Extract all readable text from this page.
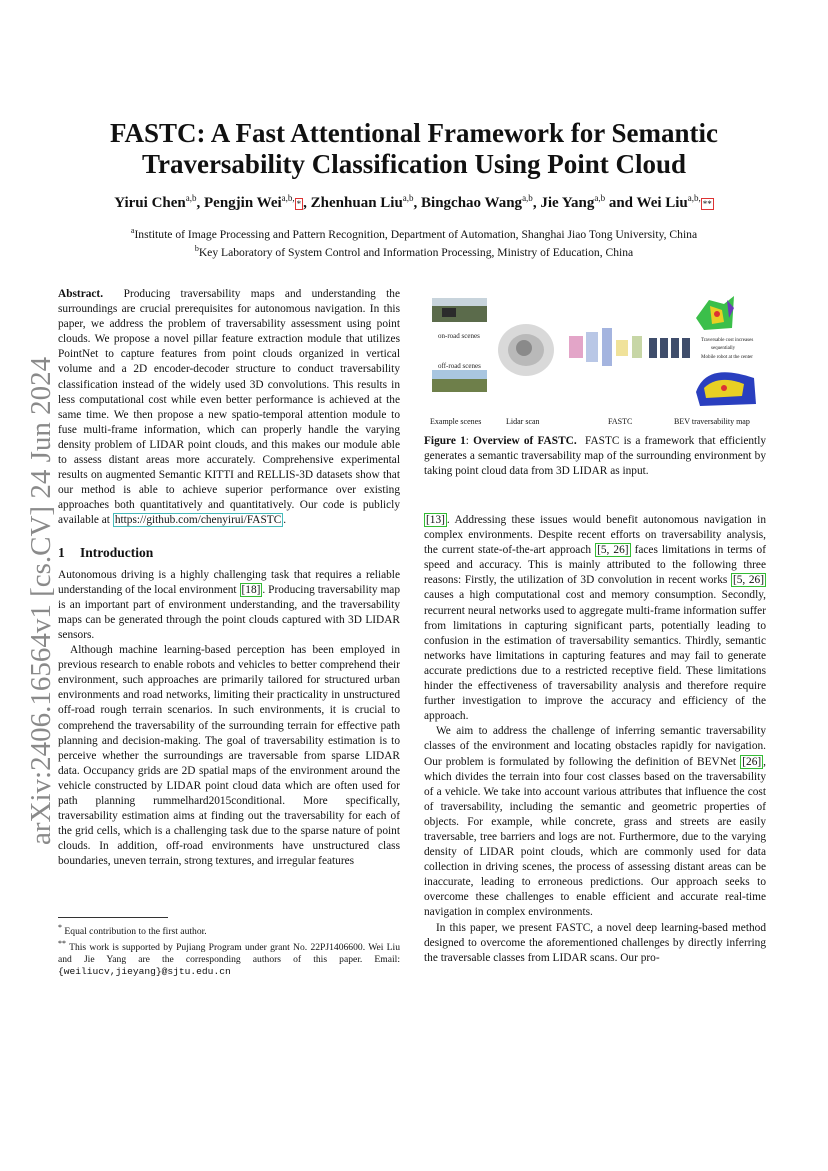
arXiv:2406.16564v1 [cs.CV] 24 Jun 2024
FASTC: A Fast Attentional Framework for Semantic
Traversability Classification Using Point Cloud
Yirui Chen$^{a,b}$, Pengjin Wei$^{a,b,}$* , Zhenhuan Liu$^{a,b}$, Bingchao Wang$^{a,b}$, Jie Yang$^{a,b}$ and Wei Liu$^{a,b,}$**
$^a$Institute of Image Processing and Pattern Recognition, Department of Automation, Shanghai Jiao Tong University, China
$^b$Key Laboratory of System Control and Information Processing, Ministry of Education, China

Abstract. Producing traversability maps and understanding the surroundings are crucial prerequisites for autonomous navigation. In this paper, we address the problem of traversability assessment using point clouds. We propose a novel pillar feature extraction module that utilizes PointNet to capture features from point clouds organized in vertical volume and a 2D encoder-decoder structure to conduct traversability classification instead of the widely used 3D convolutions. This results in less computational cost while even better performance is achieved at the same time. We then propose a new spatio-temporal attention module to fuse multi-frame information, which can properly handle the varying density problem of LIDAR point clouds, and this makes our module able to assess distant areas more accurately. Comprehensive experimental results on augmented Semantic KITTI and RELLIS-3D datasets show that our method is able to achieve superior performance over existing approaches both quantitatively and quantitatively. Our code is publicly available at https://github.com/chenyirui/FASTC .

1 Introduction

Autonomous driving is a highly challenging task that requires a reliable understanding of the local environment [18] . Producing traversability map is an important part of environment understanding, and the traversability maps can be generated through the point clouds captured with 3D LIDAR sensors.

Although machine learning-based perception has been employed in previous research to enable robots and vehicles to better comprehend their environment, such approaches are primarily tailored for structured urban environments and road networks, limiting their practicality in unstructured off-road rough terrain scenarios. In such environments, it is crucial to comprehend the traversability of the surrounding terrain for effective path planning and decision-making. The goal of traversability estimation is to perceive whether the surroundings are traversable from sparse LIDAR data. Occupancy grids are 2D spatial maps of the environment around the vehicle constructed by LIDAR point cloud data which are often used for path planning rummelhard2015conditional. More specifically, traversability estimation aims at finding out the traversability for each of the grid cells, which is a challenging task due to the sparse nature of point clouds. In addition, off-road environments have unstructured class boundaries, uneven terrain, strong textures, and irregular features

* Equal contribution to the first author.
** This work is supported by Pujiang Program under grant No. 22PJ1406600. Wei Liu and Jie Yang are the corresponding authors of this paper. Email: {weiliucv,jieyang}@sjtu.edu.cn
on-road scenes
off-road scenes
Traversable cost increases
sequentially
Mobile robot at the center
Example scenes	Lidar scan	FASTC	BEV traversability map
Figure 1: Overview of FASTC. FASTC is a framework that efficiently generates a semantic traversability map of the surrounding environment by taking point cloud data from 3D LIDAR as input.

[13] . Addressing these issues would benefit autonomous navigation in complex environments. Despite recent efforts on traversability analysis, the current state-of-the-art approach [5, 26] faces limitations in terms of speed and accuracy. This is mainly attributed to the following three reasons: Firstly, the utilization of 3D convolution in recent works [5, 26] causes a high computational cost and memory consumption. Secondly, recurrent neural networks used to aggregate multi-frame information suffer from limitations in capturing significant parts, potentially leading to confusion in the estimation of traversability semantics. Thirdly, semantic networks have limitations in capturing features and may fail to generate accurate predictions due to a restricted receptive field. These limitations hinder the effectiveness of traversability analysis and therefore require further investigation to improve the accuracy and efficiency of the approach.

We aim to address the challenge of inferring semantic traversability classes of the environment and locating obstacles rapidly for navigation. Our problem is formulated by following the definition of BEVNet [26] , which divides the terrain into four cost classes based on the traversability of a vehicle. We take into account various attributes that influence the cost of traversability, including the semantic and geometric properties of objects. For example, while concrete, grass and streets are easily traversable, tree barriers and logs are not. Furthermore, due to the varying density of LIDAR point clouds, which are commonly used for data collection in driving scenes, the process of assessing distant areas can be inaccurate, leading to erroneous predictions. Our approach seeks to overcome these challenges to enable efficient and accurate real-time navigation in complex environments.

In this paper, we present FASTC, a novel deep learning-based method designed to overcome the aforementioned challenges by directly inferring the traversable classes from LIDAR scans. Our pro-
